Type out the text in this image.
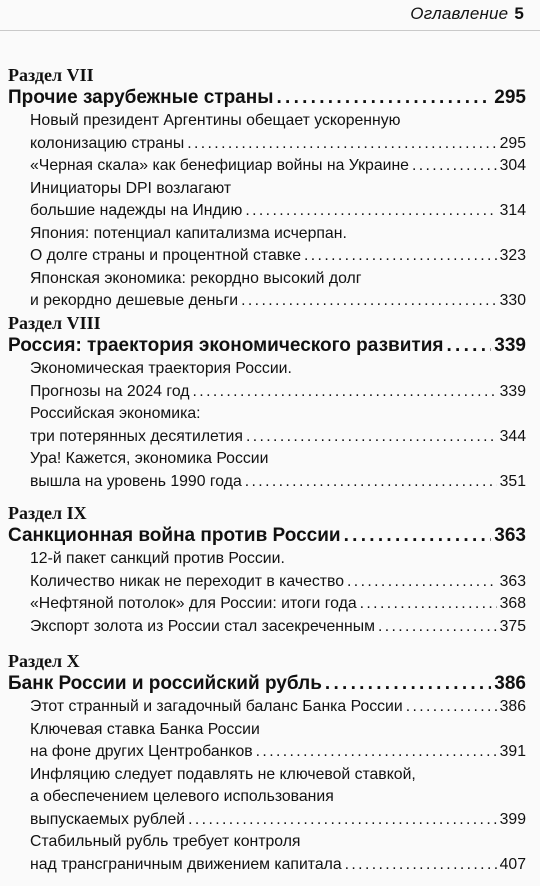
Оглавление 5
Раздел VII
Прочие зарубежные страны . . .	295
Новый президент Аргентины обещает ускоренную
колонизацию страны . . .	295
«Черная скала» как бенефициар войны на Украине . . .	304
Инициаторы DPI возлагают
большие надежды на Индию . . .	314
Япония: потенциал капитализма исчерпан.
О долге страны и процентной ставке . . .	323
Японская экономика: рекордно высокий долг
и рекордно дешевые деньги . . .	330
Раздел VIII
Россия: траектория экономического развития . . .	339
Экономическая траектория России.
Прогнозы на 2024 год . . .	339
Российская экономика:
три потерянных десятилетия . . .	344
Ура! Кажется, экономика России
вышла на уровень 1990 года . . .	351
Раздел IX
Санкционная война против России . . .	363
12-й пакет санкций против России.
Количество никак не переходит в качество . . .	363
«Нефтяной потолок» для России: итоги года . . .	368
Экспорт золота из России стал засекреченным . . .	375
Раздел X
Банк России и российский рубль . . .	386
Этот странный и загадочный баланс Банка России . . .	386
Ключевая ставка Банка России
на фоне других Центробанков . . .	391
Инфляцию следует подавлять не ключевой ставкой,
а обеспечением целевого использования
выпускаемых рублей . . .	399
Стабильный рубль требует контроля
над трансграничным движением капитала . . .	407
